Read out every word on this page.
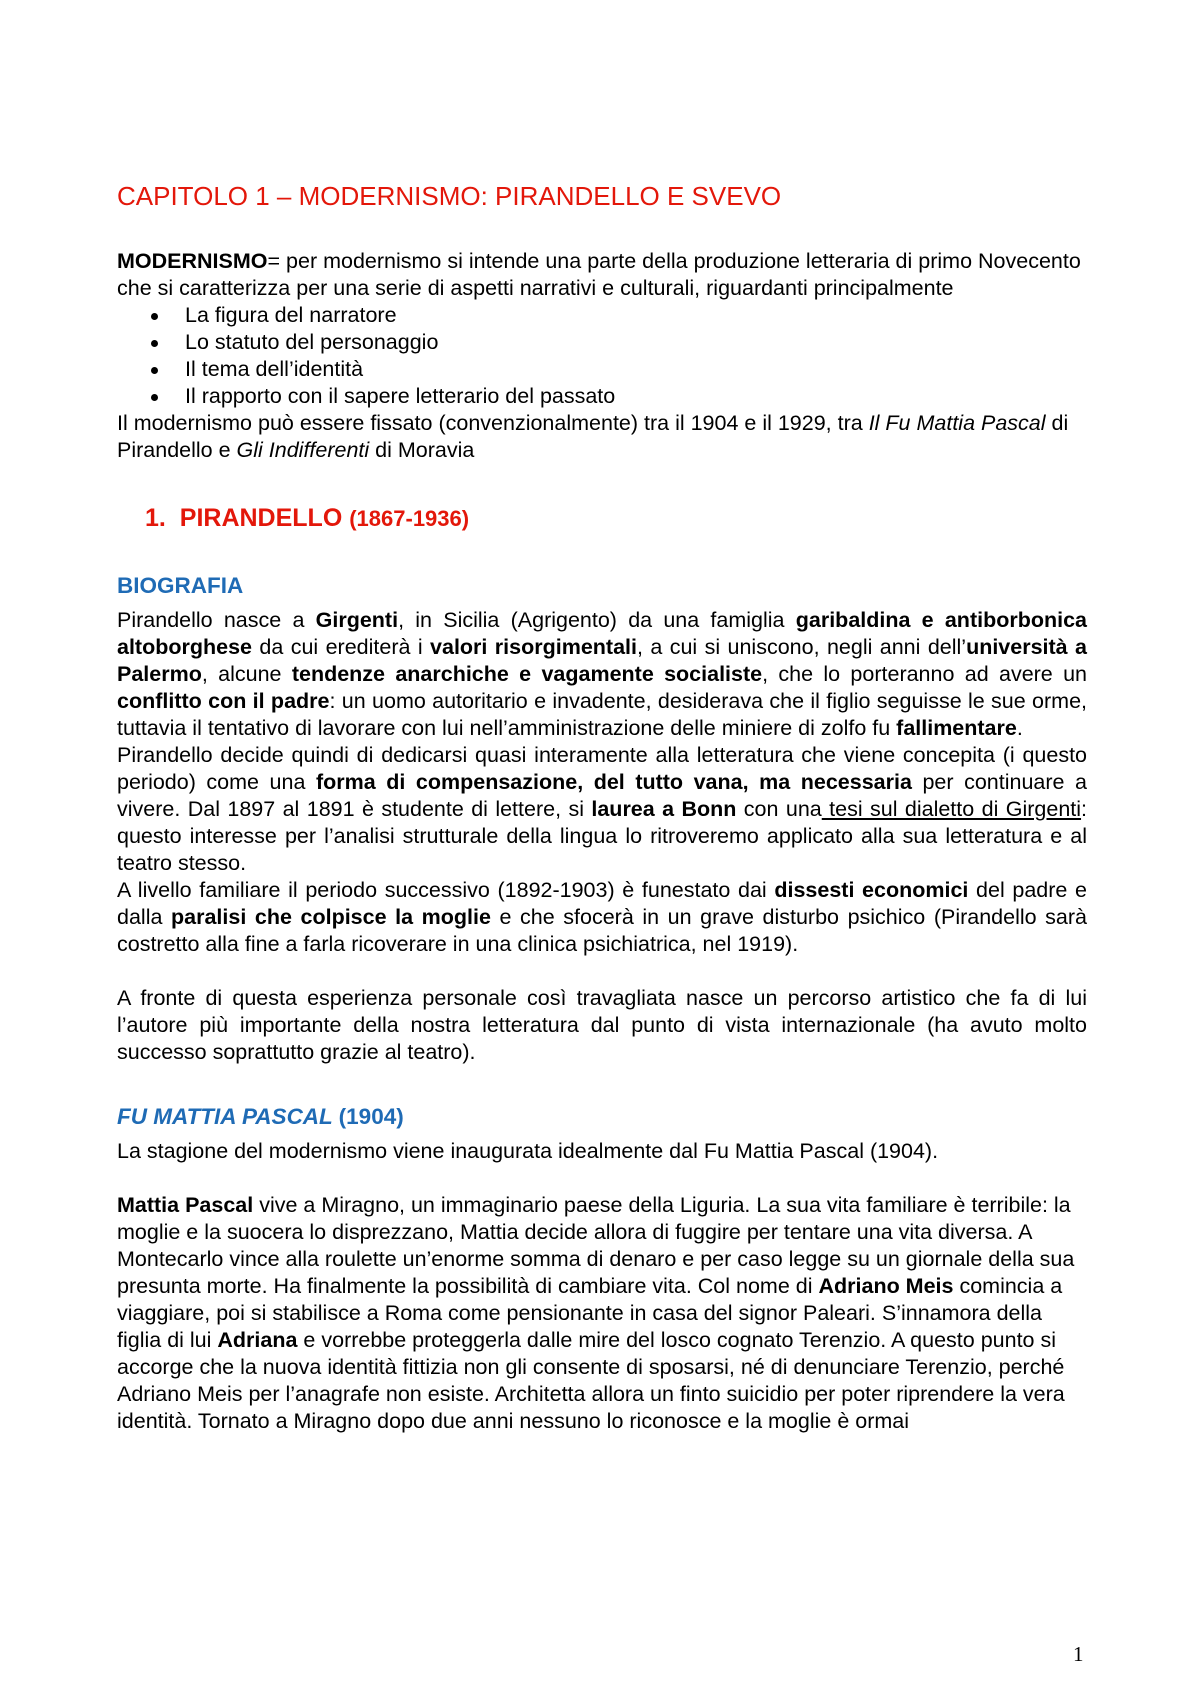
CAPITOLO 1 – MODERNISMO: PIRANDELLO E SVEVO

MODERNISMO= per modernismo si intende una parte della produzione letteraria di primo Novecento che si caratterizza per una serie di aspetti narrativi e culturali, riguardanti principalmente

La figura del narratore
Lo statuto del personaggio
Il tema dell’identità
Il rapporto con il sapere letterario del passato

Il modernismo può essere fissato (convenzionalmente) tra il 1904 e il 1929, tra Il Fu Mattia Pascal di Pirandello e Gli Indifferenti di Moravia

1. PIRANDELLO (1867-1936)
BIOGRAFIA

Pirandello nasce a Girgenti, in Sicilia (Agrigento) da una famiglia garibaldina e antiborbonica altoborghese da cui erediterà i valori risorgimentali, a cui si uniscono, negli anni dell’università a Palermo, alcune tendenze anarchiche e vagamente socialiste, che lo porteranno ad avere un conflitto con il padre: un uomo autoritario e invadente, desiderava che il figlio seguisse le sue orme, tuttavia il tentativo di lavorare con lui nell’amministrazione delle miniere di zolfo fu fallimentare.

Pirandello decide quindi di dedicarsi quasi interamente alla letteratura che viene concepita (i questo periodo) come una forma di compensazione, del tutto vana, ma necessaria per continuare a vivere. Dal 1897 al 1891 è studente di lettere, si laurea a Bonn con una tesi sul dialetto di Girgenti: questo interesse per l’analisi strutturale della lingua lo ritroveremo applicato alla sua letteratura e al teatro stesso.

A livello familiare il periodo successivo (1892-1903) è funestato dai dissesti economici del padre e dalla paralisi che colpisce la moglie e che sfocerà in un grave disturbo psichico (Pirandello sarà costretto alla fine a farla ricoverare in una clinica psichiatrica, nel 1919).

A fronte di questa esperienza personale così travagliata nasce un percorso artistico che fa di lui l’autore più importante della nostra letteratura dal punto di vista internazionale (ha avuto molto successo soprattutto grazie al teatro).

FU MATTIA PASCAL (1904)

La stagione del modernismo viene inaugurata idealmente dal Fu Mattia Pascal (1904).

Mattia Pascal vive a Miragno, un immaginario paese della Liguria. La sua vita familiare è terribile: la moglie e la suocera lo disprezzano, Mattia decide allora di fuggire per tentare una vita diversa. A Montecarlo vince alla roulette un’enorme somma di denaro e per caso legge su un giornale della sua presunta morte. Ha finalmente la possibilità di cambiare vita. Col nome di Adriano Meis comincia a viaggiare, poi si stabilisce a Roma come pensionante in casa del signor Paleari. S’innamora della figlia di lui Adriana e vorrebbe proteggerla dalle mire del losco cognato Terenzio. A questo punto si accorge che la nuova identità fittizia non gli consente di sposarsi, né di denunciare Terenzio, perché Adriano Meis per l’anagrafe non esiste. Architetta allora un finto suicidio per poter riprendere la vera identità. Tornato a Miragno dopo due anni nessuno lo riconosce e la moglie è ormai

1
